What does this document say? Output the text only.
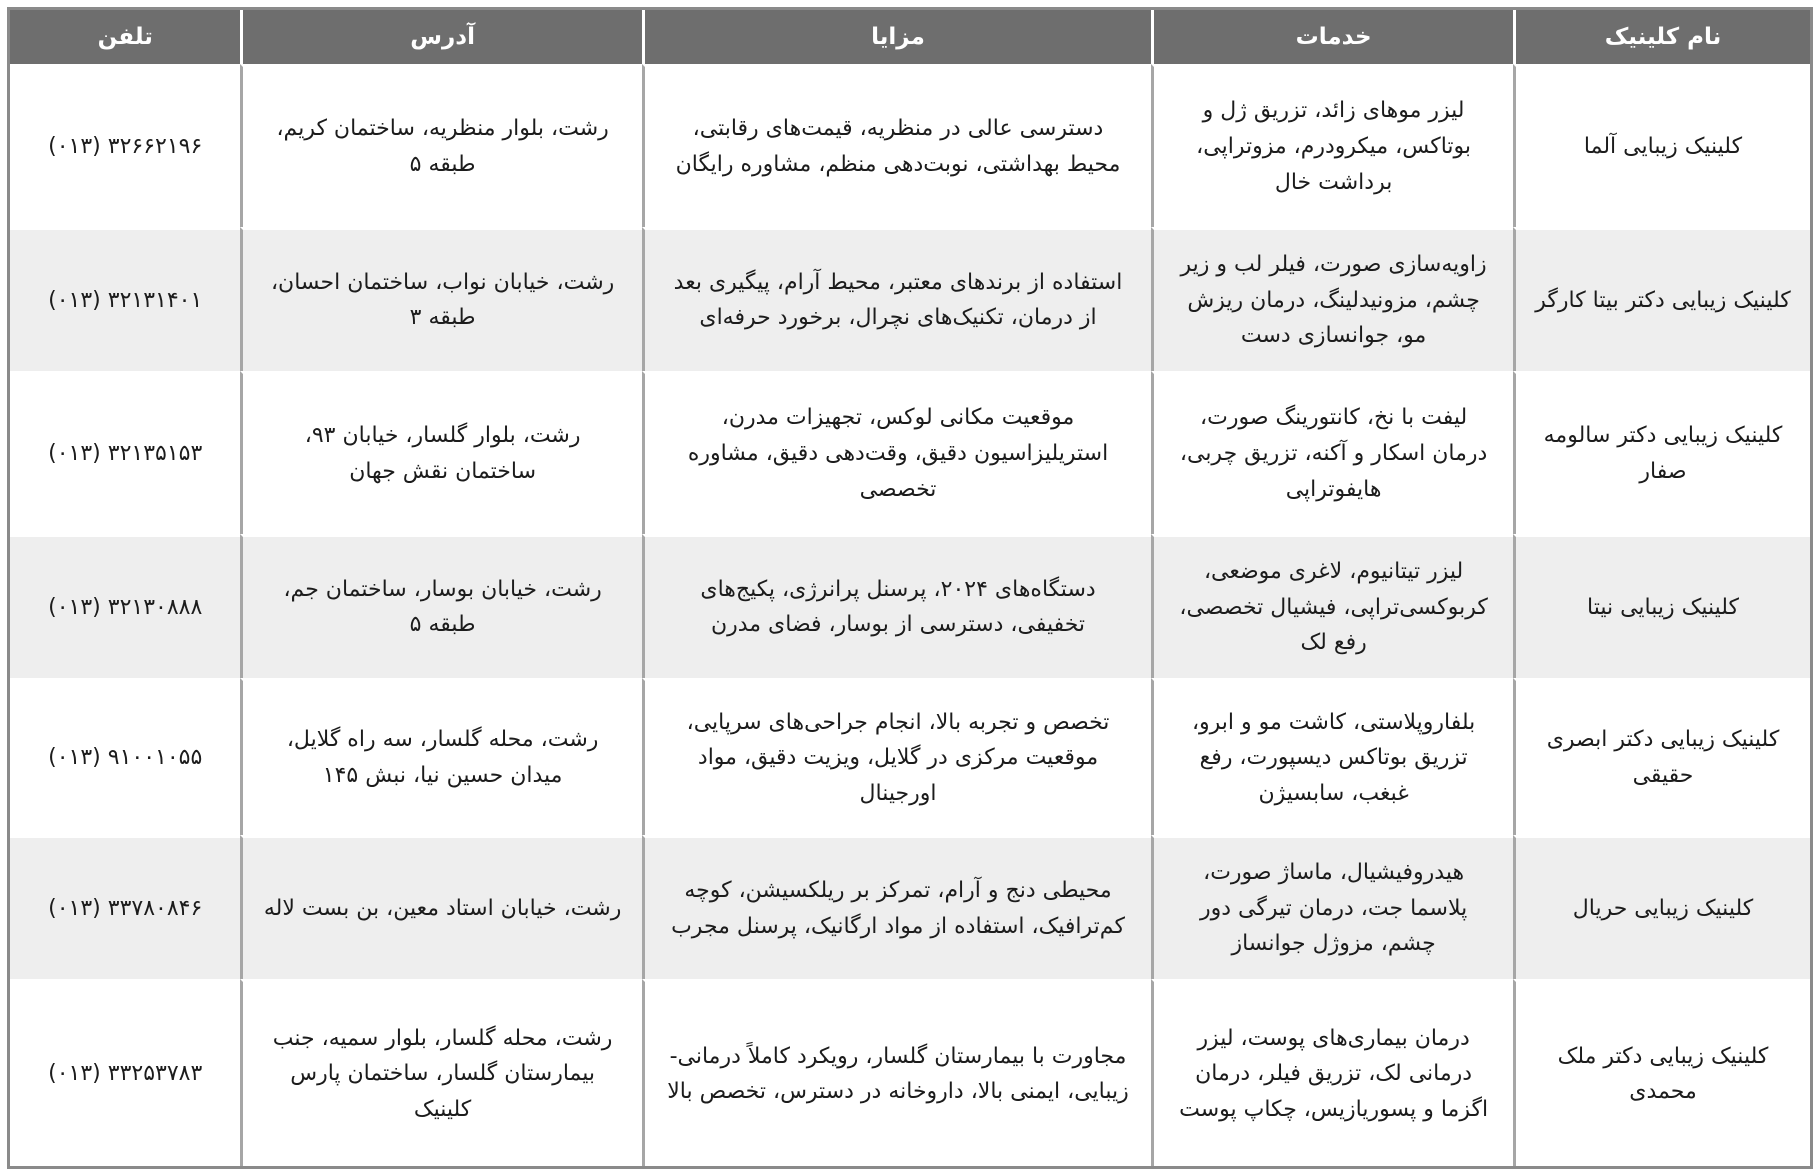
نام کلینیک	خدمات	مزایا	آدرس	تلفن
کلینیک زیبایی آلما	لیزر موهای زائد، تزریق ژل و بوتاکس، میکرودرم، مزوتراپی، برداشت خال	دسترسی عالی در منظریه، قیمت‌های رقابتی، محیط بهداشتی، نوبت‌دهی منظم، مشاوره رایگان	رشت، بلوار منظریه، ساختمان کریم، طبقه ۵	۳۲۶۶۲۱۹۶ (۰۱۳)
کلینیک زیبایی دکتر بیتا کارگر	زاویه‌سازی صورت، فیلر لب و زیر چشم، مزونیدلینگ، درمان ریزش مو، جوانسازی دست	استفاده از برندهای معتبر، محیط آرام، پیگیری بعد از درمان، تکنیک‌های نچرال، برخورد حرفه‌ای	رشت، خیابان نواب، ساختمان احسان، طبقه ۳	۳۲۱۳۱۴۰۱ (۰۱۳)
کلینیک زیبایی دکتر سالومه صفار	لیفت با نخ، کانتورینگ صورت، درمان اسکار و آکنه، تزریق چربی، هایفوتراپی	موقعیت مکانی لوکس، تجهیزات مدرن، استریلیزاسیون دقیق، وقت‌دهی دقیق، مشاوره تخصصی	رشت، بلوار گلسار، خیابان ۹۳، ساختمان نقش جهان	۳۲۱۳۵۱۵۳ (۰۱۳)
کلینیک زیبایی نیتا	لیزر تیتانیوم، لاغری موضعی، کربوکسی‌تراپی، فیشیال تخصصی، رفع لک	دستگاه‌های ۲۰۲۴، پرسنل پرانرژی، پکیج‌های تخفیفی، دسترسی از بوسار، فضای مدرن	رشت، خیابان بوسار، ساختمان جم، طبقه ۵	۳۲۱۳۰۸۸۸ (۰۱۳)
کلینیک زیبایی دکتر ابصری حقیقی	بلفاروپلاستی، کاشت مو و ابرو، تزریق بوتاکس دیسپورت، رفع غبغب، سابسیژن	تخصص و تجربه بالا، انجام جراحی‌های سرپایی، موقعیت مرکزی در گلایل، ویزیت دقیق، مواد اورجینال	رشت، محله گلسار، سه راه گلایل، میدان حسین نیا، نبش ۱۴۵	۹۱۰۰۱۰۵۵ (۰۱۳)
کلینیک زیبایی حریال	هیدروفیشیال، ماساژ صورت، پلاسما جت، درمان تیرگی دور چشم، مزوژل جوانساز	محیطی دنج و آرام، تمرکز بر ریلکسیشن، کوچه کم‌ترافیک، استفاده از مواد ارگانیک، پرسنل مجرب	رشت، خیابان استاد معین، بن بست لاله	۳۳۷۸۰۸۴۶ (۰۱۳)
کلینیک زیبایی دکتر ملک محمدی	درمان بیماری‌های پوست، لیزر درمانی لک، تزریق فیلر، درمان اگزما و پسوریازیس، چکاپ پوست	مجاورت با بیمارستان گلسار، رویکرد کاملاً درمانی-زیبایی، ایمنی بالا، داروخانه در دسترس، تخصص بالا	رشت، محله گلسار، بلوار سمیه، جنب بیمارستان گلسار، ساختمان پارس کلینیک	۳۳۲۵۳۷۸۳ (۰۱۳)
